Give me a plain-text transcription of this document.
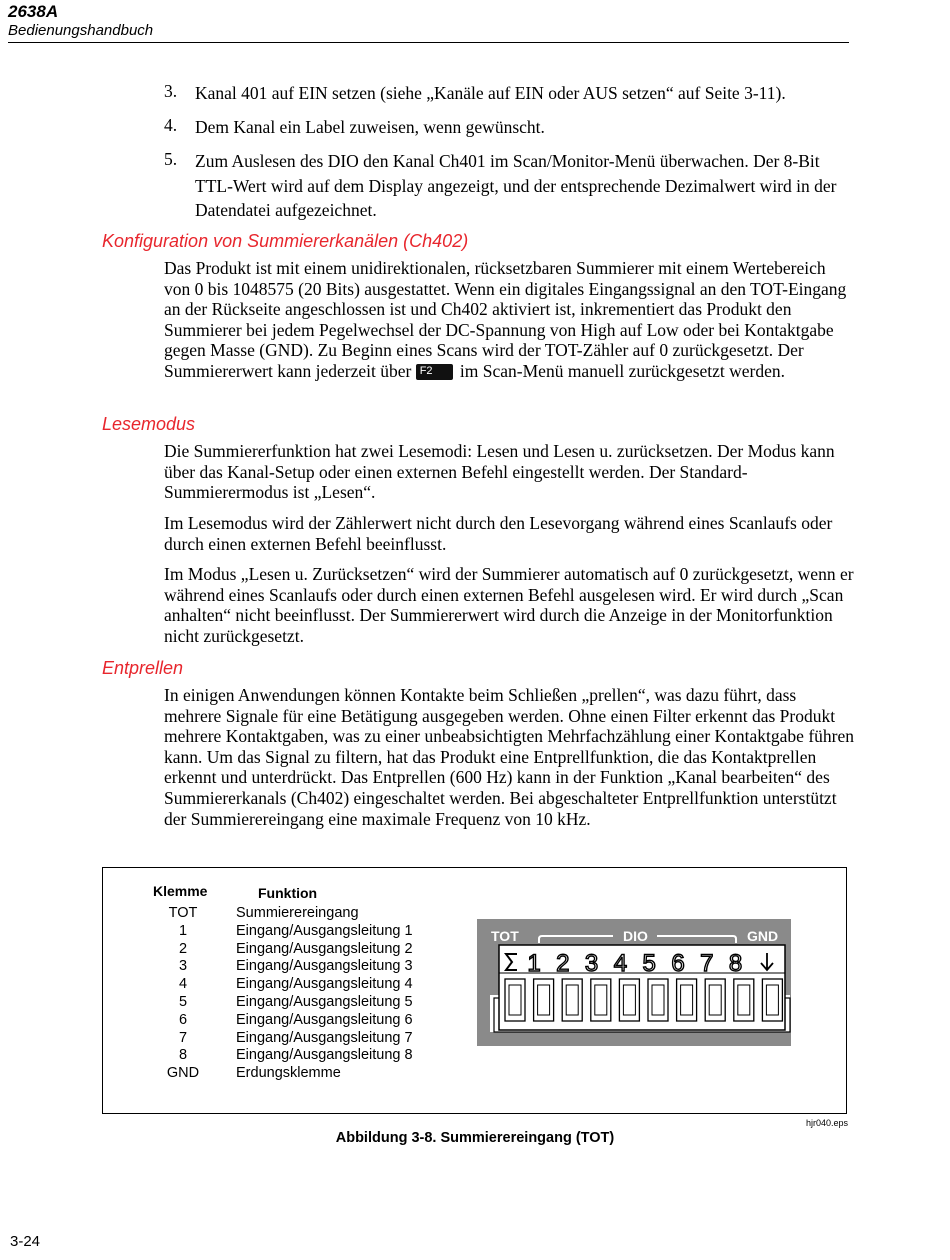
2638A
Bedienungshandbuch
3. Kanal 401 auf EIN setzen (siehe „Kanäle auf EIN oder AUS setzen“ auf Seite 3-11).
4. Dem Kanal ein Label zuweisen, wenn gewünscht.
5. Zum Auslesen des DIO den Kanal Ch401 im Scan/Monitor-Menü überwachen. Der 8-Bit TTL-Wert wird auf dem Display angezeigt, und der entsprechende Dezimalwert wird in der Datendatei aufgezeichnet.
Konfiguration von Summiererkanälen (Ch402)
Das Produkt ist mit einem unidirektionalen, rücksetzbaren Summierer mit einem Wertebereich von 0 bis 1048575 (20 Bits) ausgestattet. Wenn ein digitales Eingangssignal an den TOT-Eingang an der Rückseite angeschlossen ist und Ch402 aktiviert ist, inkrementiert das Produkt den Summierer bei jedem Pegelwechsel der DC-Spannung von High auf Low oder bei Kontaktgabe gegen Masse (GND). Zu Beginn eines Scans wird der TOT-Zähler auf 0 zurückgesetzt. Der Summiererwert kann jederzeit über F2 im Scan-Menü manuell zurückgesetzt werden.
Lesemodus
Die Summiererfunktion hat zwei Lesemodi: Lesen und Lesen u. zurücksetzen. Der Modus kann über das Kanal-Setup oder einen externen Befehl eingestellt werden. Der Standard-Summierermodus ist „Lesen“.
Im Lesemodus wird der Zählerwert nicht durch den Lesevorgang während eines Scanlaufs oder durch einen externen Befehl beeinflusst.
Im Modus „Lesen u. Zurücksetzen“ wird der Summierer automatisch auf 0 zurückgesetzt, wenn er während eines Scanlaufs oder durch einen externen Befehl ausgelesen wird. Er wird durch „Scan anhalten“ nicht beeinflusst. Der Summiererwert wird durch die Anzeige in der Monitorfunktion nicht zurückgesetzt.
Entprellen
In einigen Anwendungen können Kontakte beim Schließen „prellen“, was dazu führt, dass mehrere Signale für eine Betätigung ausgegeben werden. Ohne einen Filter erkennt das Produkt mehrere Kontaktgaben, was zu einer unbeabsichtigten Mehrfachzählung einer Kontaktgabe führen kann. Um das Signal zu filtern, hat das Produkt eine Entprellfunktion, die das Kontaktprellen erkennt und unterdrückt. Das Entprellen (600 Hz) kann in der Funktion „Kanal bearbeiten“ des Summiererkanals (Ch402) eingeschaltet werden. Bei abgeschalteter Entprellfunktion unterstützt der Summierereingang eine maximale Frequenz von 10 kHz.
Klemme	Funktion
TOT	Summierereingang
1	Eingang/Ausgangsleitung 1
2	Eingang/Ausgangsleitung 2
3	Eingang/Ausgangsleitung 3
4	Eingang/Ausgangsleitung 4
5	Eingang/Ausgangsleitung 5
6	Eingang/Ausgangsleitung 6
7	Eingang/Ausgangsleitung 7
8	Eingang/Ausgangsleitung 8
GND	Erdungsklemme
TOT	DIO	GND
1 2 3 4 5 6 7 8
hjr040.eps
Abbildung 3-8. Summierereingang (TOT)
3-24
